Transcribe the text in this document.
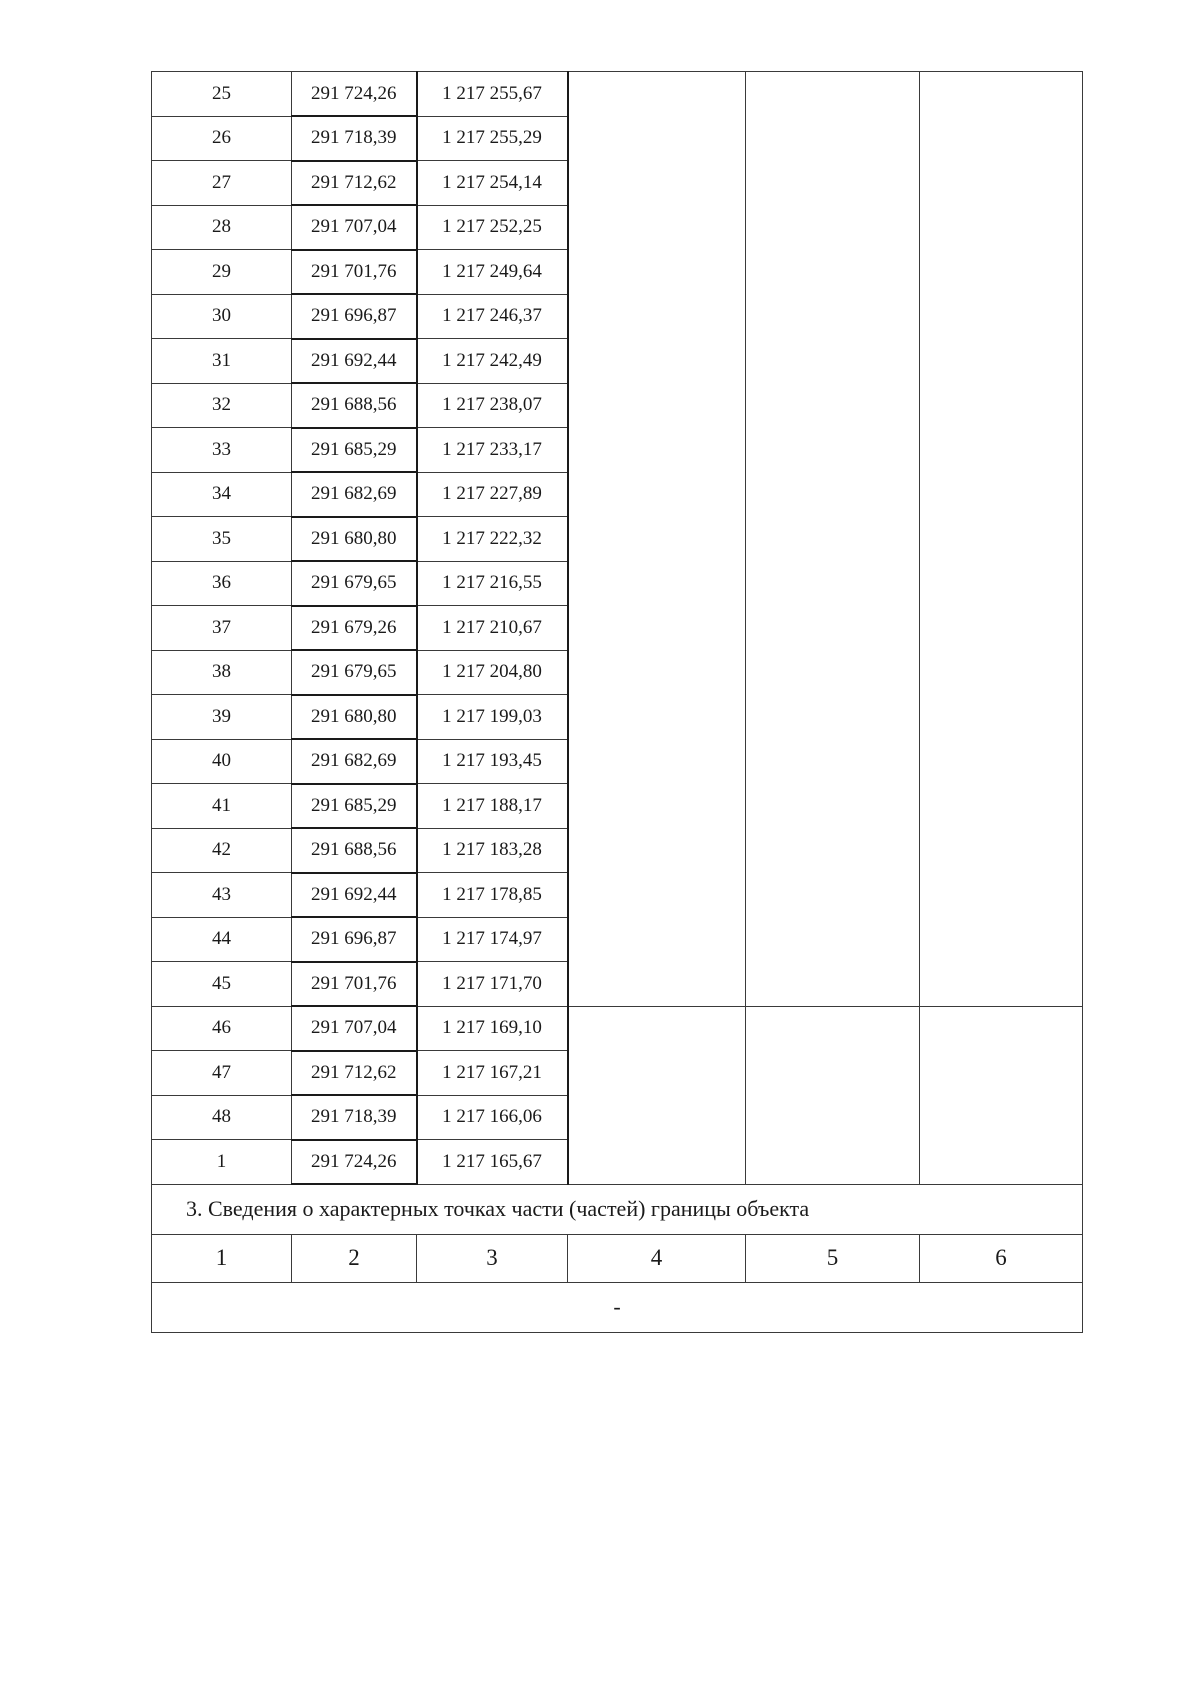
25	291 724,26	1 217 255,67			
26	291 718,39	1 217 255,29			
27	291 712,62	1 217 254,14			
28	291 707,04	1 217 252,25			
29	291 701,76	1 217 249,64			
30	291 696,87	1 217 246,37			
31	291 692,44	1 217 242,49			
32	291 688,56	1 217 238,07			
33	291 685,29	1 217 233,17			
34	291 682,69	1 217 227,89			
35	291 680,80	1 217 222,32			
36	291 679,65	1 217 216,55			
37	291 679,26	1 217 210,67			
38	291 679,65	1 217 204,80			
39	291 680,80	1 217 199,03			
40	291 682,69	1 217 193,45			
41	291 685,29	1 217 188,17			
42	291 688,56	1 217 183,28			
43	291 692,44	1 217 178,85			
44	291 696,87	1 217 174,97			
45	291 701,76	1 217 171,70			
46	291 707,04	1 217 169,10			
47	291 712,62	1 217 167,21			
48	291 718,39	1 217 166,06			
1	291 724,26	1 217 165,67			
3. Сведения о характерных точках части (частей) границы объекта					
1	2	3	4	5	6
-					
